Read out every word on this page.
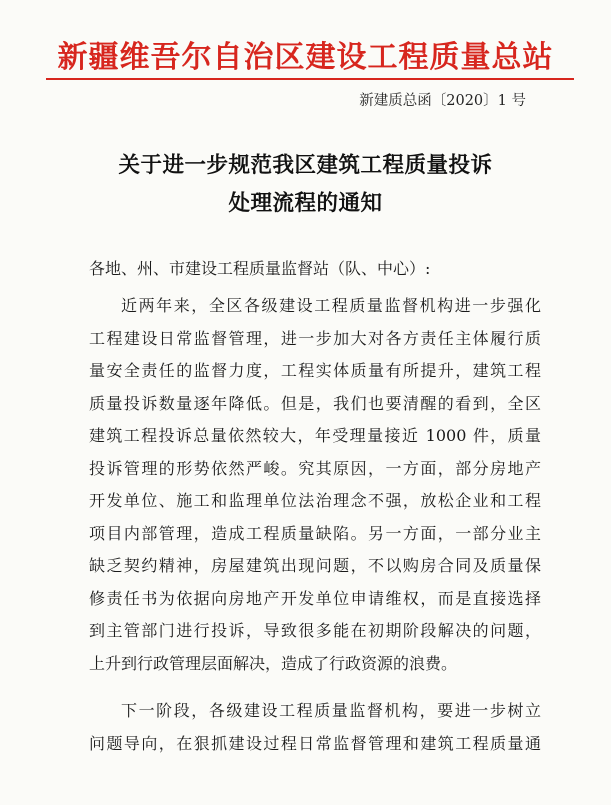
新疆维吾尔自治区建设工程质量总站
新建质总函〔2020〕1 号
关于进一步规范我区建筑工程质量投诉
处理流程的通知
各地、州、市建设工程质量监督站（队、中心）:
近两年来，全区各级建设工程质量监督机构进一步强化
工程建设日常监督管理，进一步加大对各方责任主体履行质
量安全责任的监督力度，工程实体质量有所提升，建筑工程
质量投诉数量逐年降低。但是，我们也要清醒的看到，全区
建筑工程投诉总量依然较大，年受理量接近 1000 件，质量
投诉管理的形势依然严峻。究其原因，一方面，部分房地产
开发单位、施工和监理单位法治理念不强，放松企业和工程
项目内部管理，造成工程质量缺陷。另一方面，一部分业主
缺乏契约精神，房屋建筑出现问题，不以购房合同及质量保
修责任书为依据向房地产开发单位申请维权，而是直接选择
到主管部门进行投诉，导致很多能在初期阶段解决的问题，
上升到行政管理层面解决，造成了行政资源的浪费。
下一阶段，各级建设工程质量监督机构，要进一步树立
问题导向，在狠抓建设过程日常监督管理和建筑工程质量通
